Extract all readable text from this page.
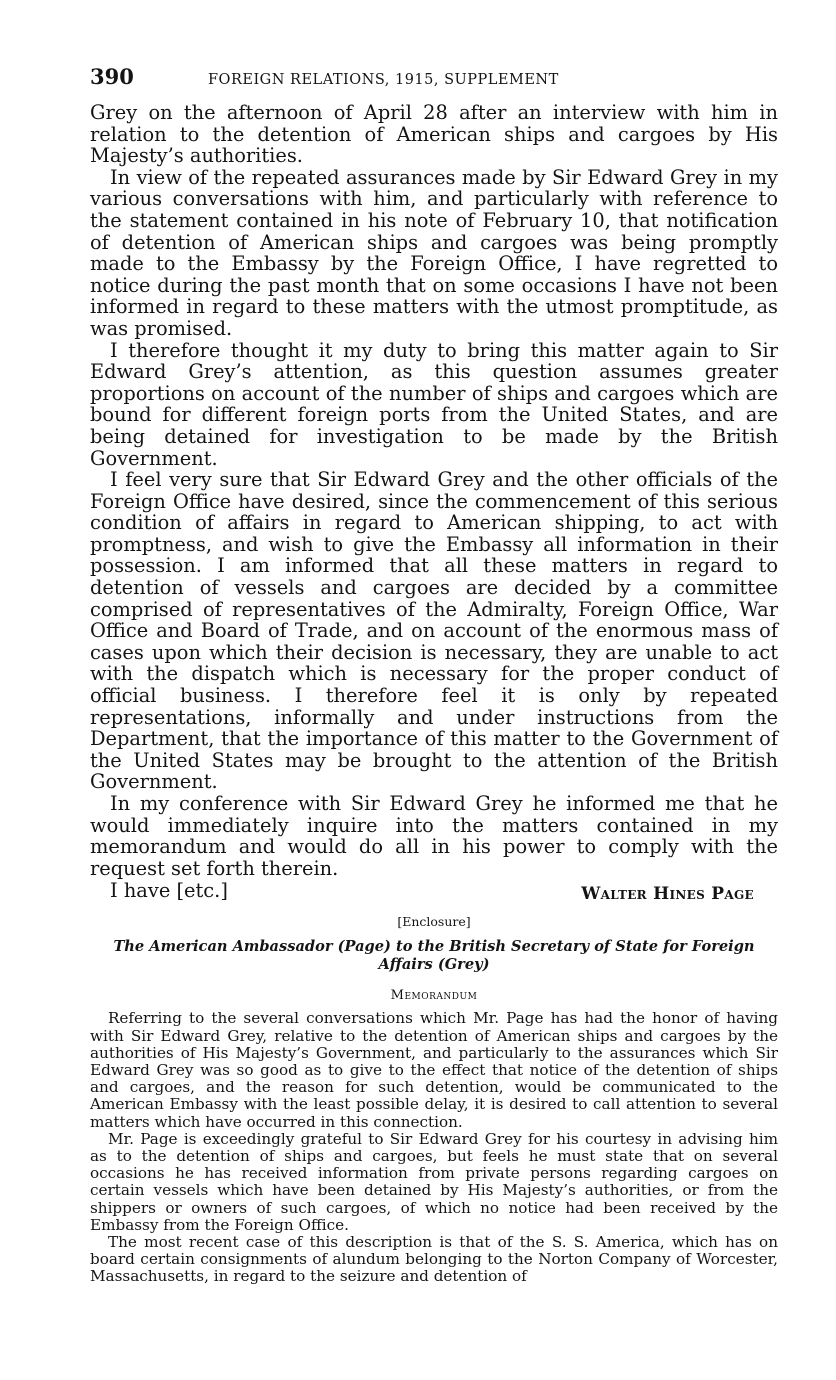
390	FOREIGN RELATIONS, 1915, SUPPLEMENT

Grey on the afternoon of April 28 after an interview with him in relation to the detention of American ships and cargoes by His Majesty’s authorities.

In view of the repeated assurances made by Sir Edward Grey in my various conversations with him, and particularly with reference to the statement contained in his note of February 10, that notification of detention of American ships and cargoes was being promptly made to the Embassy by the Foreign Office, I have regretted to notice during the past month that on some occasions I have not been informed in regard to these matters with the utmost promptitude, as was promised.

I therefore thought it my duty to bring this matter again to Sir Edward Grey’s attention, as this question assumes greater proportions on account of the number of ships and cargoes which are bound for different foreign ports from the United States, and are being detained for investigation to be made by the British Government.

I feel very sure that Sir Edward Grey and the other officials of the Foreign Office have desired, since the commencement of this serious condition of affairs in regard to American shipping, to act with promptness, and wish to give the Embassy all information in their possession. I am informed that all these matters in regard to detention of vessels and cargoes are decided by a committee comprised of representatives of the Admiralty, Foreign Office, War Office and Board of Trade, and on account of the enormous mass of cases upon which their decision is necessary, they are unable to act with the dispatch which is necessary for the proper conduct of official business. I therefore feel it is only by repeated representations, informally and under instructions from the Department, that the importance of this matter to the Government of the United States may be brought to the attention of the British Government.

In my conference with Sir Edward Grey he informed me that he would immediately inquire into the matters contained in my memorandum and would do all in his power to comply with the request set forth therein.

I have [etc.]	Walter Hines Page
[Enclosure]
The American Ambassador (Page) to the British Secretary of State for Foreign Affairs (Grey)
Memorandum

Referring to the several conversations which Mr. Page has had the honor of having with Sir Edward Grey, relative to the detention of American ships and cargoes by the authorities of His Majesty’s Government, and particularly to the assurances which Sir Edward Grey was so good as to give to the effect that notice of the detention of ships and cargoes, and the reason for such detention, would be communicated to the American Embassy with the least possible delay, it is desired to call attention to several matters which have occurred in this connection.

Mr. Page is exceedingly grateful to Sir Edward Grey for his courtesy in advising him as to the detention of ships and cargoes, but feels he must state that on several occasions he has received information from private persons regarding cargoes on certain vessels which have been detained by His Majesty’s authorities, or from the shippers or owners of such cargoes, of which no notice had been received by the Embassy from the Foreign Office.

The most recent case of this description is that of the S. S. America, which has on board certain consignments of alundum belonging to the Norton Company of Worcester, Massachusetts, in regard to the seizure and detention of
